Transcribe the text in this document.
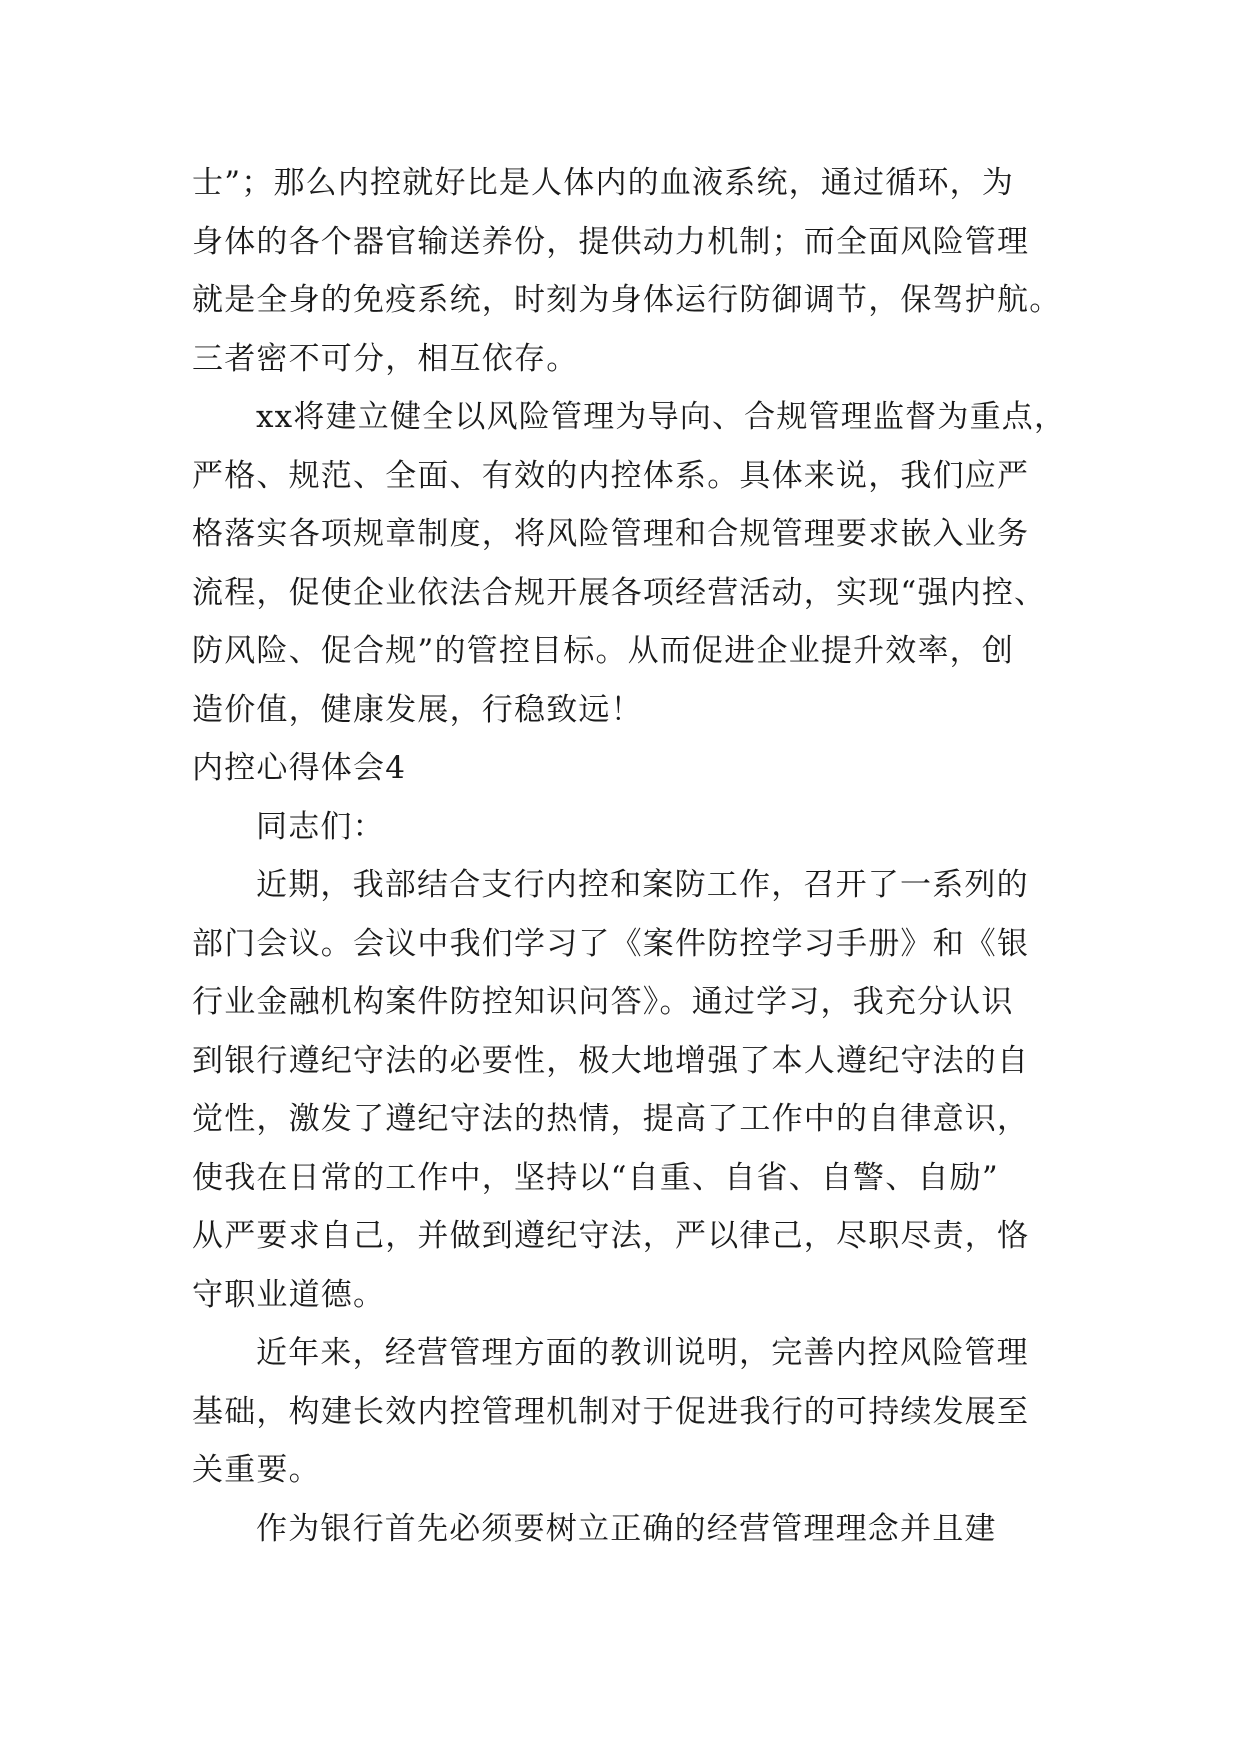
士”；那么内控就好比是人体内的血液系统，通过循环，为
身体的各个器官输送养份，提供动力机制；而全面风险管理
就是全身的免疫系统，时刻为身体运行防御调节，保驾护航。
三者密不可分，相互依存。
xx将建立健全以风险管理为导向、合规管理监督为重点，
严格、规范、全面、有效的内控体系。具体来说，我们应严
格落实各项规章制度，将风险管理和合规管理要求嵌入业务
流程，促使企业依法合规开展各项经营活动，实现“强内控、
防风险、促合规”的管控目标。从而促进企业提升效率，创
造价值，健康发展，行稳致远！
内控心得体会4
同志们：
近期，我部结合支行内控和案防工作，召开了一系列的
部门会议。会议中我们学习了《案件防控学习手册》和《银
行业金融机构案件防控知识问答》。通过学习，我充分认识
到银行遵纪守法的必要性，极大地增强了本人遵纪守法的自
觉性，激发了遵纪守法的热情，提高了工作中的自律意识，
使我在日常的工作中，坚持以“自重、自省、自警、自励”
从严要求自己，并做到遵纪守法，严以律己，尽职尽责，恪
守职业道德。
近年来，经营管理方面的教训说明，完善内控风险管理
基础，构建长效内控管理机制对于促进我行的可持续发展至
关重要。
作为银行首先必须要树立正确的经营管理理念并且建
